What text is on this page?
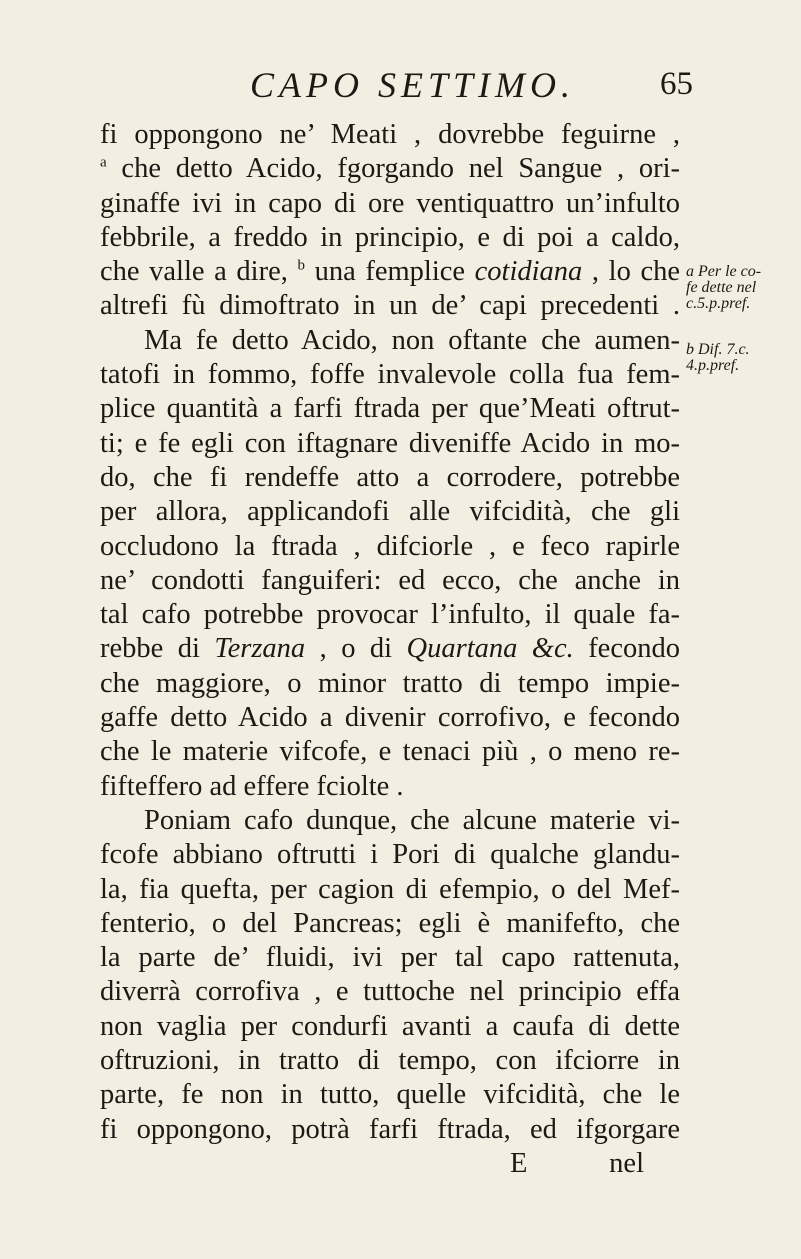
CAPO SETTIMO.	65
fi oppongono ne’ Meati , dovrebbe feguirne ,
$^a$ che detto Acido, fgorgando nel Sangue , ori-
ginaffe ivi in capo di ore ventiquattro un’infulto
febbrile, a freddo in principio, e di poi a caldo,
che valle a dire, $^b$ una femplice cotidiana , lo che
altrefi fù dimoftrato in un de’ capi precedenti .
Ma fe detto Acido, non oftante che aumen-
tatofi in fommo, foffe invalevole colla fua fem-
plice quantità a farfi ftrada per que’Meati oftrut-
ti; e fe egli con iftagnare diveniffe Acido in mo-
do, che fi rendeffe atto a corrodere, potrebbe
per allora, applicandofi alle vifcidità, che gli
occludono la ftrada , difciorle , e feco rapirle
ne’ condotti fanguiferi: ed ecco, che anche in
tal cafo potrebbe provocar l’infulto, il quale fa-
rebbe di Terzana , o di Quartana &c. fecondo
che maggiore, o minor tratto di tempo impie-
gaffe detto Acido a divenir corrofivo, e fecondo
che le materie vifcofe, e tenaci più , o meno re-
fifteffero ad effere fciolte .
Poniam cafo dunque, che alcune materie vi-
fcofe abbiano oftrutti i Pori di qualche glandu-
la, fia quefta, per cagion di efempio, o del Mef-
fenterio, o del Pancreas; egli è manifefto, che
la parte de’ fluidi, ivi per tal capo rattenuta,
diverrà corrofiva , e tuttoche nel principio effa
non vaglia per condurfi avanti a caufa di dette
oftruzioni, in tratto di tempo, con ifciorre in
parte, fe non in tutto, quelle vifcidità, che le
fi oppongono, potrà farfi ftrada, ed ifgorgare
E	nel
a Per le co-
fe dette nel
c.5.p.pref.
b Dif. 7.c.
4.p.pref.
